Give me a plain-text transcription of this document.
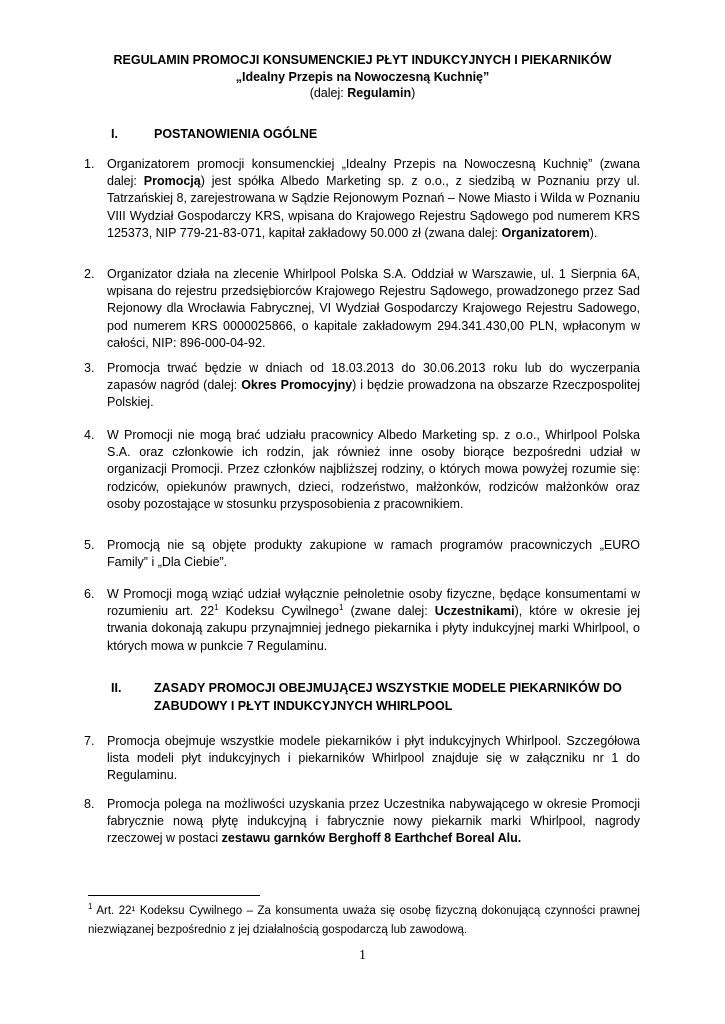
REGULAMIN PROMOCJI KONSUMENCKIEJ PŁYT INDUKCYJNYCH I PIEKARNIKÓW
„Idealny Przepis na Nowoczesną Kuchnię”
(dalej: Regulamin)
I.	POSTANOWIENIA OGÓLNE
1. Organizatorem promocji konsumenckiej „Idealny Przepis na Nowoczesną Kuchnię” (zwana dalej: Promocją) jest spółka Albedo Marketing sp. z o.o., z siedzibą w Poznaniu przy ul. Tatrzańskiej 8, zarejestrowana w Sądzie Rejonowym Poznań – Nowe Miasto i Wilda w Poznaniu VIII Wydział Gospodarczy KRS, wpisana do Krajowego Rejestru Sądowego pod numerem KRS 125373, NIP 779-21-83-071, kapitał zakładowy 50.000 zł (zwana dalej: Organizatorem).
2. Organizator działa na zlecenie Whirlpool Polska S.A. Oddział w Warszawie, ul. 1 Sierpnia 6A, wpisana do rejestru przedsiębiorców Krajowego Rejestru Sądowego, prowadzonego przez Sad Rejonowy dla Wrocławia Fabrycznej, VI Wydział Gospodarczy Krajowego Rejestru Sadowego, pod numerem KRS 0000025866, o kapitale zakładowym 294.341.430,00 PLN, wpłaconym w całości, NIP: 896-000-04-92.
3. Promocja trwać będzie w dniach od 18.03.2013 do 30.06.2013 roku lub do wyczerpania zapasów nagród (dalej: Okres Promocyjny) i będzie prowadzona na obszarze Rzeczpospolitej Polskiej.
4. W Promocji nie mogą brać udziału pracownicy Albedo Marketing sp. z o.o., Whirlpool Polska S.A. oraz członkowie ich rodzin, jak również inne osoby biorące bezpośredni udział w organizacji Promocji. Przez członków najbliższej rodziny, o których mowa powyżej rozumie się: rodziców, opiekunów prawnych, dzieci, rodzeństwo, małżonków, rodziców małżonków oraz osoby pozostające w stosunku przysposobienia z pracownikiem.
5. Promocją nie są objęte produkty zakupione w ramach programów pracowniczych „EURO Family” i „Dla Ciebie”.
6. W Promocji mogą wziąć udział wyłącznie pełnoletnie osoby fizyczne, będące konsumentami w rozumieniu art. $22^1$ Kodeksu Cywilnego$^1$ (zwane dalej: Uczestnikami), które w okresie jej trwania dokonają zakupu przynajmniej jednego piekarnika i płyty indukcyjnej marki Whirlpool, o których mowa w punkcie 7 Regulaminu.
II.	ZASADY PROMOCJI OBEJMUJĄCEJ WSZYSTKIE MODELE PIEKARNIKÓW DO ZABUDOWY I PŁYT INDUKCYJNYCH WHIRLPOOL
7. Promocja obejmuje wszystkie modele piekarników i płyt indukcyjnych Whirlpool. Szczegółowa lista modeli płyt indukcyjnych i piekarników Whirlpool znajduje się w załączniku nr 1 do Regulaminu.
8. Promocja polega na możliwości uzyskania przez Uczestnika nabywającego w okresie Promocji fabrycznie nową płytę indukcyjną i fabrycznie nowy piekarnik marki Whirlpool, nagrody rzeczowej w postaci zestawu garnków Berghoff 8 Earthchef Boreal Alu.
$^1$ Art. 22¹ Kodeksu Cywilnego – Za konsumenta uważa się osobę fizyczną dokonującą czynności prawnej niezwiązanej bezpośrednio z jej działalnością gospodarczą lub zawodową.
1
